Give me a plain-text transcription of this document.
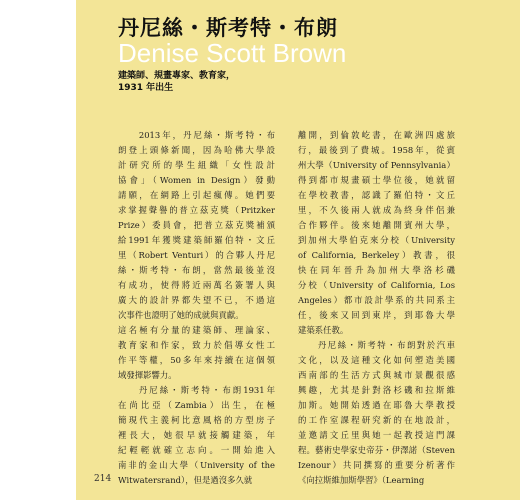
丹尼絲・斯考特・布朗
Denise Scott Brown
建築師、規畫專家、教育家，
1931 年出生
　　2013年，丹尼絲・斯考特・布
朗登上頭條新聞，因為哈佛大學設
計研究所的學生組織「女性設計
協會」（Women in Design）發動
請願，在網路上引起瘋傳。她們要
求掌握聲譽的普立茲克獎（Pritzker
Prize）委員會，把普立茲克獎補頒
給1991年獲獎建築師羅伯特・文丘
里（Robert Venturi）的合夥人丹尼
絲・斯考特・布朗，當然最後並沒
有成功，使得將近兩萬名簽署人與
廣大的設計界都失望不已，不過這
次事件也證明了她的成就與貢獻。
這名極有分量的建築師、理論家、
教育家和作家，致力於倡導女性工
作平等權，50多年來持續在這個領
域發揮影響力。
　　丹尼絲・斯考特・布朗1931年
在尚比亞（Zambia）出生，在極
簡現代主義柯比意風格的方型房子
裡長大，她很早就接觸建築，年
紀輕輕就確立志向。一開始進入
南非的金山大學（University of the
Witwatersrand），但是過沒多久就
離開，到倫敦屹書，在歐洲四處旅
行，最後到了費城。1958年，從賓
州大學（University of Pennsylvania）
得到都市規畫碩士學位後，她就留
在學校教書，認識了羅伯特・文丘
里，不久後兩人就成為終身伴侶兼
合作夥伴。後來她離開賓州大學，
到加州大學伯克來分校（University
of California, Berkeley）教書，很
快在同年晉升為加州大學洛杉磯
分校（University of California, Los
Angeles）都市設計學系的共同系主
任，後來又回到東岸，到耶魯大學
建築系任教。
　　丹尼絲・斯考特・布朗對於汽車
文化，以及這種文化如何塑造美國
西南部的生活方式與城市景觀很感
興趣，尤其是針對洛杉磯和拉斯維
加斯。她開始透過在耶魯大學教授
的工作室課程研究新的在地設計，
並邀請文丘里與她一起教授這門課
程。藝術史學家史帝芬・伊澤諾（Steven
Izenour）共同撰寫的重要分析著作
《向拉斯維加斯學習》（Learning
214
